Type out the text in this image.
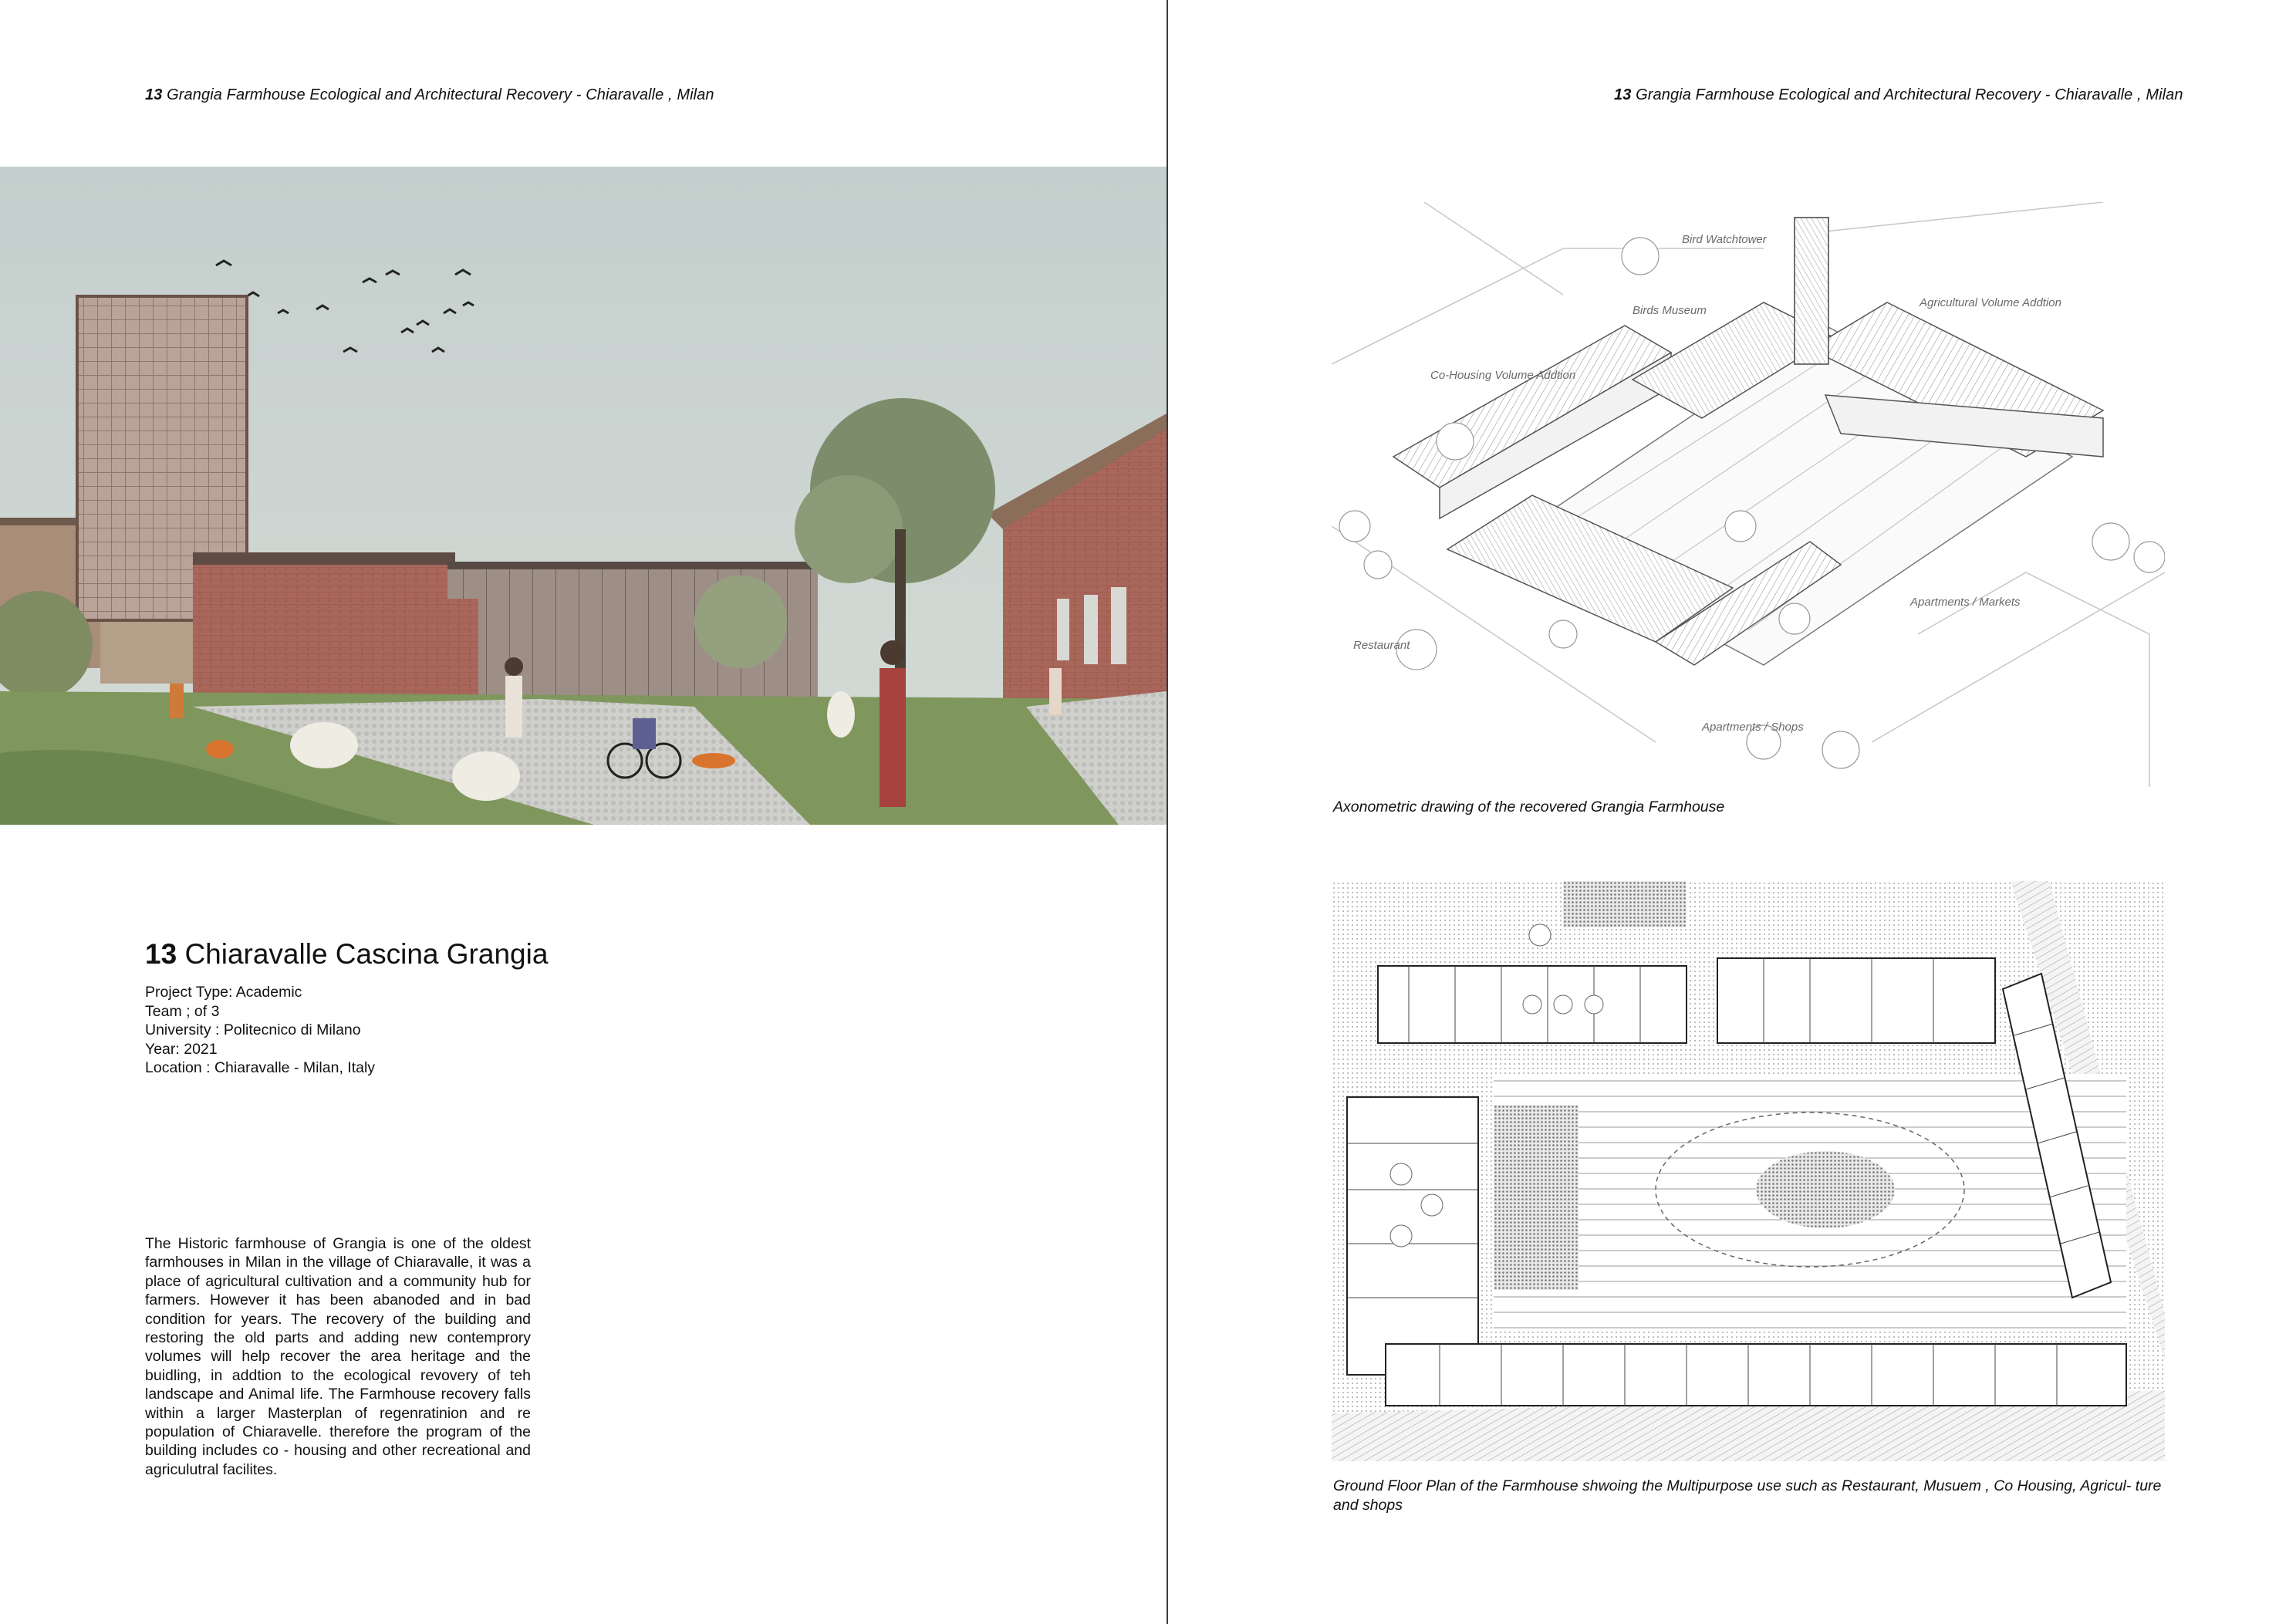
13 Grangia Farmhouse Ecological and Architectural Recovery - Chiaravalle , Milan	13 Grangia Farmhouse Ecological and Architectural Recovery - Chiaravalle , Milan
13 Chiaravalle Cascina Grangia
Project Type: Academic
Team ; of 3
University : Politecnico di Milano
Year: 2021
Location : Chiaravalle - Milan, Italy
The Historic farmhouse of Grangia is one of the oldest farmhouses in Milan in the village of Chiaravalle, it was a place of agricultural cultivation and a community hub for farmers. However it has been abanoded and in bad condition for years. The recovery of the building and restoring the old parts and adding new contemprory volumes will help recover the area heritage and the buidling, in addtion to the ecological revovery of teh landscape and Animal life. The Farmhouse recovery falls within a larger Masterplan of regenratinion and re population of Chiaravelle. therefore the program of the building includes co - housing and other recreational and agriculutral facilites.
Bird Watchtower
Birds Museum
Agricultural Volume Addtion
Co-Housing Volume Addtion
Apartments / Markets
Restaurant
Apartments / Shops
Axonometric drawing of the recovered Grangia Farmhouse
Ground Floor Plan of the Farmhouse shwoing the Multipurpose use such as Restaurant, Musuem , Co Housing, Agricul- ture and shops
